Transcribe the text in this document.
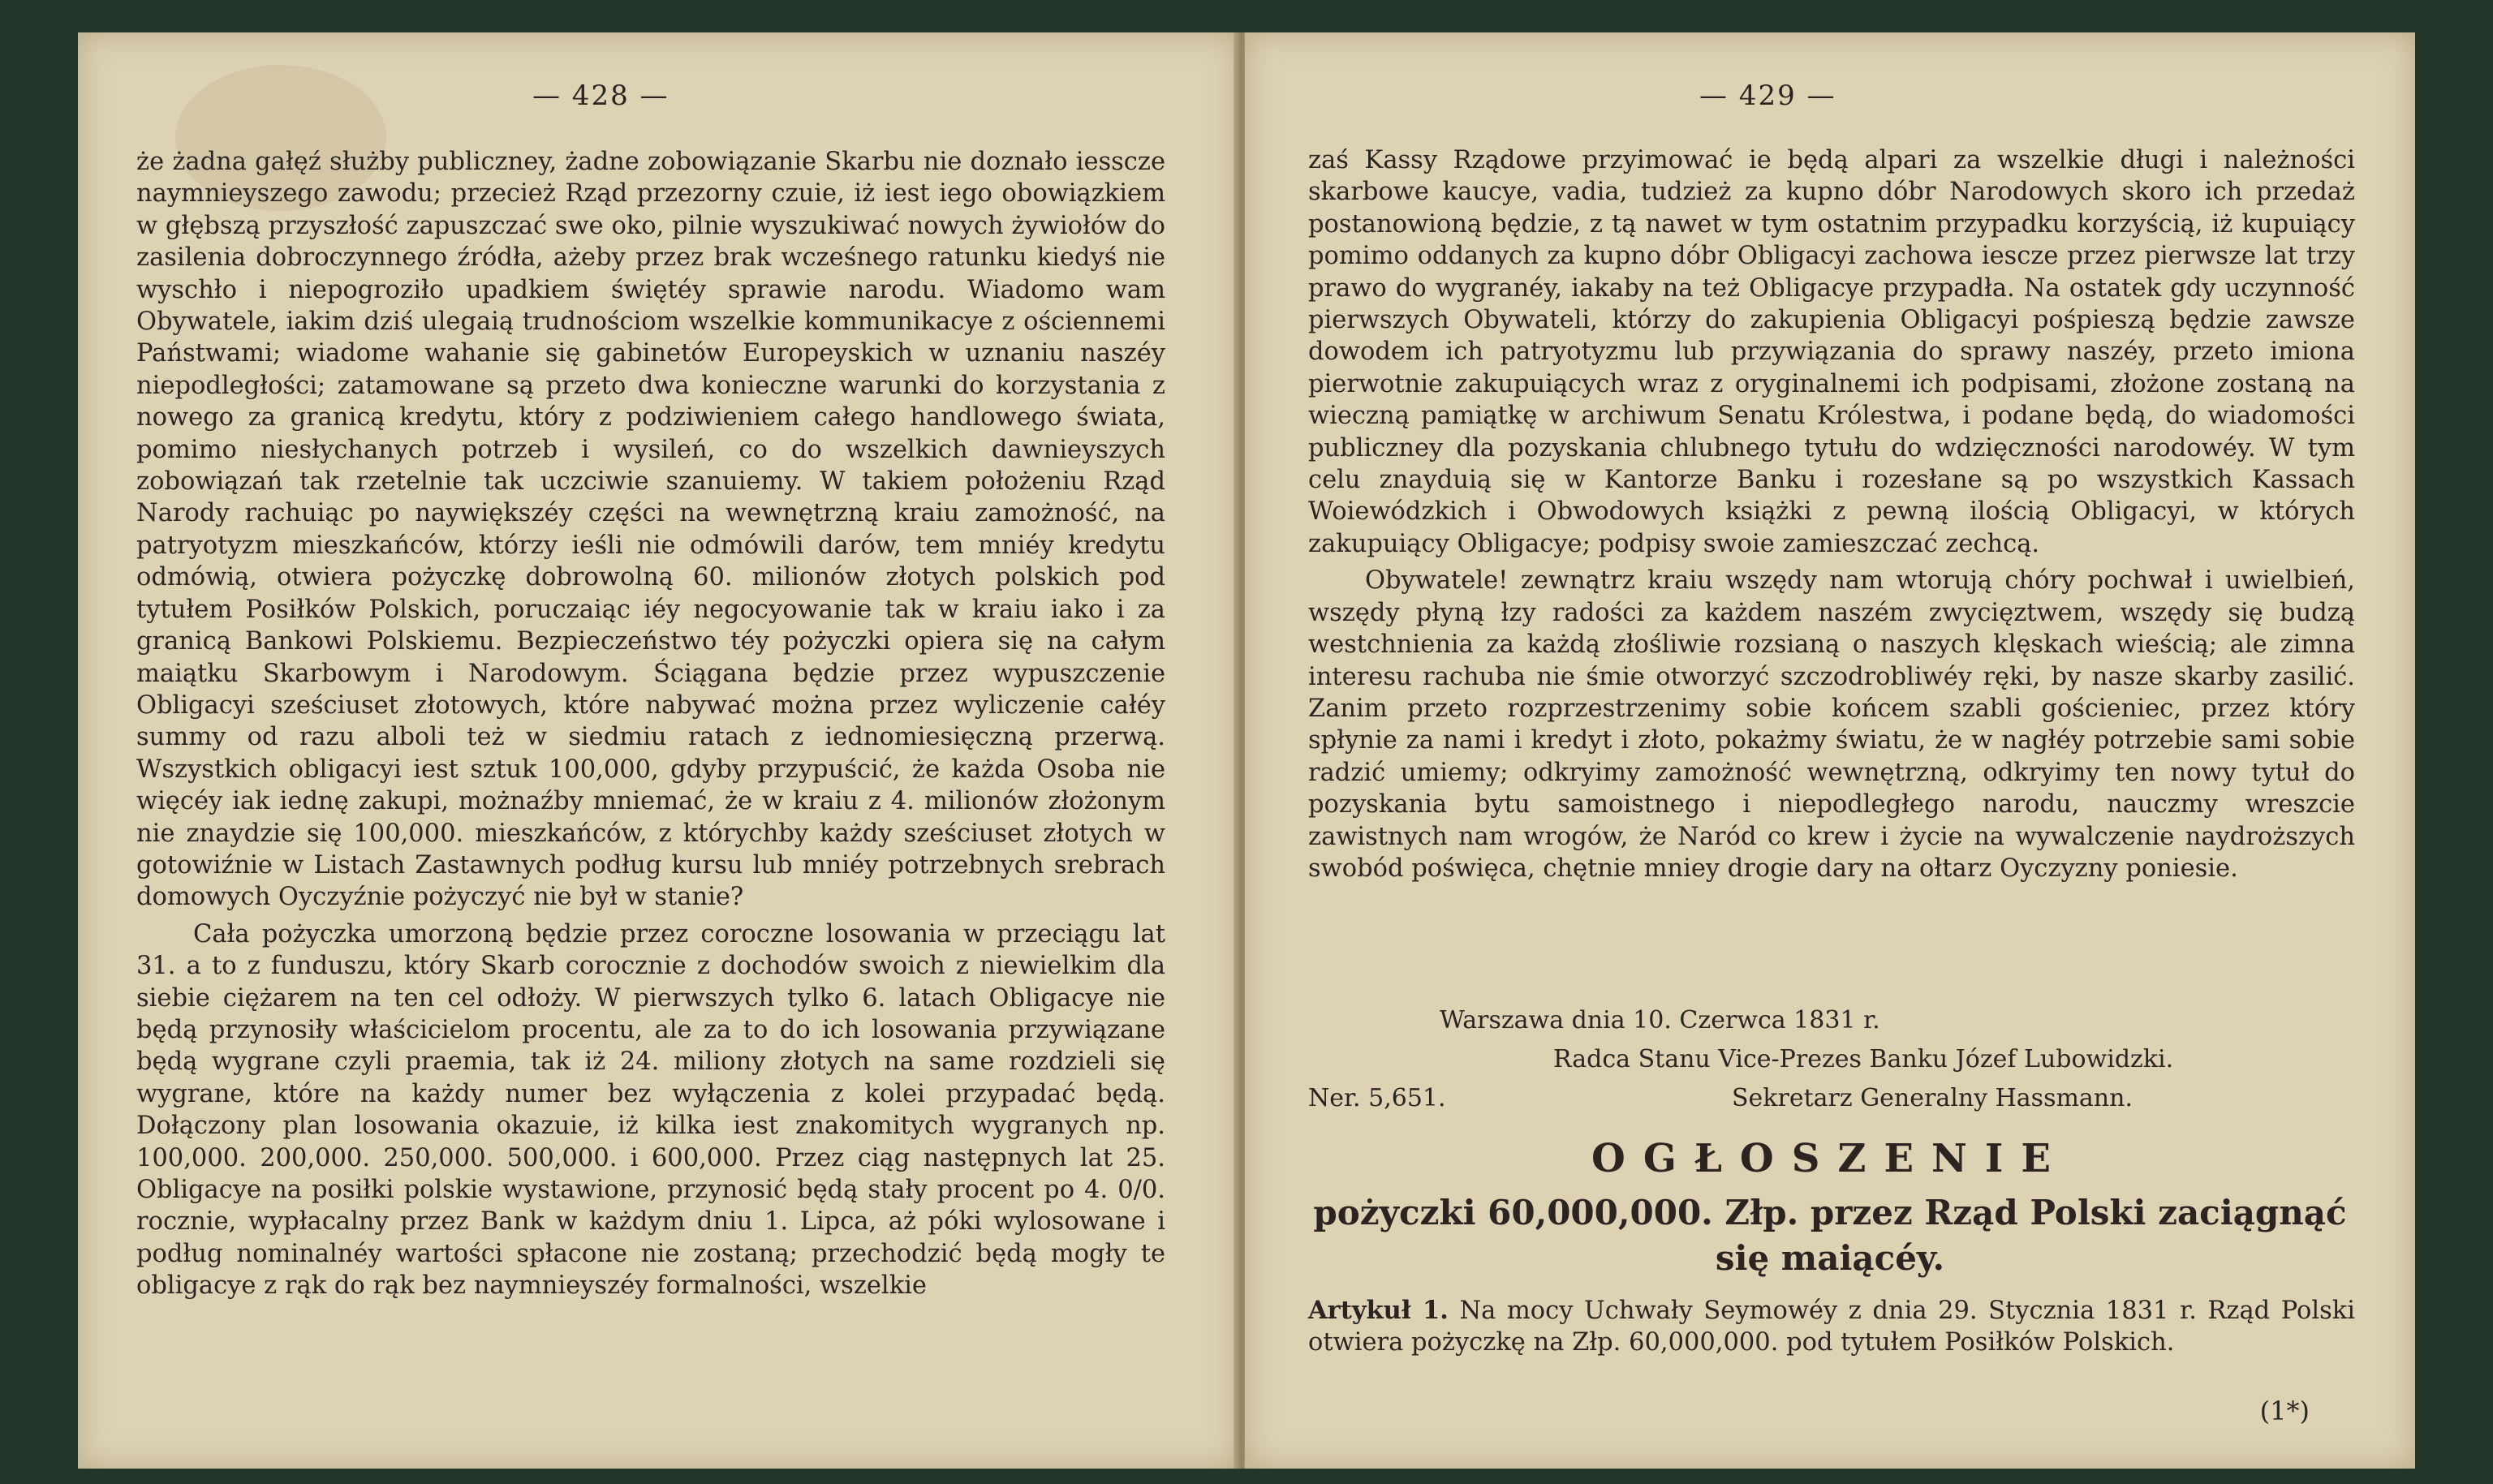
— 428 —

że żadna gałęź służby publiczney, żadne zobowiązanie Skarbu nie doznało iesscze naymnieyszego zawodu; przecież Rząd przezorny czuie, iż iest iego obowiązkiem w głębszą przyszłość zapuszczać swe oko, pilnie wyszukiwać nowych żywiołów do zasilenia dobroczynnego źródła, ażeby przez brak wcześnego ratunku kiedyś nie wyschło i niepogroziło upadkiem świętéy sprawie narodu. Wiadomo wam Obywatele, iakim dziś ulegaią trudnościom wszelkie kommunikacye z ościennemi Państwami; wiadome wahanie się gabinetów Europeyskich w uznaniu naszéy niepodległości; zatamowane są przeto dwa konieczne warunki do korzystania z nowego za granicą kredytu, który z podziwieniem całego handlowego świata, pomimo niesłychanych potrzeb i wysileń, co do wszelkich dawnieyszych zobowiązań tak rzetelnie tak uczciwie szanuiemy. W takiem położeniu Rząd Narody rachuiąc po naywiększéy części na wewnętrzną kraiu zamożność, na patryotyzm mieszkańców, którzy ieśli nie odmówili darów, tem mniéy kredytu odmówią, otwiera pożyczkę dobrowolną 60. milionów złotych polskich pod tytułem Posiłków Polskich, poruczaiąc iéy negocyowanie tak w kraiu iako i za granicą Bankowi Polskiemu. Bezpieczeństwo téy pożyczki opiera się na całym maiątku Skarbowym i Narodowym. Ściągana będzie przez wypuszczenie Obligacyi sześciuset złotowych, które nabywać można przez wyliczenie całéy summy od razu alboli też w siedmiu ratach z iednomiesięczną przerwą. Wszystkich obligacyi iest sztuk 100,000, gdyby przypuścić, że każda Osoba nie więcéy iak iednę zakupi, możnaźby mniemać, że w kraiu z 4. milionów złożonym nie znaydzie się 100,000. mieszkańców, z którychby każdy sześciuset złotych w gotowiźnie w Listach Zastawnych podług kursu lub mniéy potrzebnych srebrach domowych Oyczyźnie pożyczyć nie był w stanie?

Cała pożyczka umorzoną będzie przez coroczne losowania w przeciągu lat 31. a to z funduszu, który Skarb corocznie z dochodów swoich z niewielkim dla siebie ciężarem na ten cel odłoży. W pierwszych tylko 6. latach Obligacye nie będą przynosiły właścicielom procentu, ale za to do ich losowania przywiązane będą wygrane czyli praemia, tak iż 24. miliony złotych na same rozdzieli się wygrane, które na każdy numer bez wyłączenia z kolei przypadać będą. Dołączony plan losowania okazuie, iż kilka iest znakomitych wygranych np. 100,000. 200,000. 250,000. 500,000. i 600,000. Przez ciąg następnych lat 25. Obligacye na posiłki polskie wystawione, przynosić będą stały procent po 4. 0/0. rocznie, wypłacalny przez Bank w każdym dniu 1. Lipca, aż póki wylosowane i podług nominalnéy wartości spłacone nie zostaną; przechodzić będą mogły te obligacye z rąk do rąk bez naymnieyszéy formalności, wszelkie

— 429 —

zaś Kassy Rządowe przyimować ie będą alpari za wszelkie długi i należności skarbowe kaucye, vadia, tudzież za kupno dóbr Narodowych skoro ich przedaż postanowioną będzie, z tą nawet w tym ostatnim przypadku korzyścią, iż kupuiący pomimo oddanych za kupno dóbr Obligacyi zachowa iescze przez pierwsze lat trzy prawo do wygranéy, iakaby na też Obligacye przypadła. Na ostatek gdy uczynność pierwszych Obywateli, którzy do zakupienia Obligacyi pośpieszą będzie zawsze dowodem ich patryotyzmu lub przywiązania do sprawy naszéy, przeto imiona pierwotnie zakupuiących wraz z oryginalnemi ich podpisami, złożone zostaną na wieczną pamiątkę w archiwum Senatu Królestwa, i podane będą, do wiadomości publiczney dla pozyskania chlubnego tytułu do wdzięczności narodowéy. W tym celu znayduią się w Kantorze Banku i rozesłane są po wszystkich Kassach Woiewódzkich i Obwodowych książki z pewną ilością Obligacyi, w których zakupuiący Obligacye; podpisy swoie zamieszczać zechcą.

Obywatele! zewnątrz kraiu wszędy nam wtorują chóry pochwał i uwielbień, wszędy płyną łzy radości za każdem naszém zwycięztwem, wszędy się budzą westchnienia za każdą złośliwie rozsianą o naszych klęskach wieścią; ale zimna interesu rachuba nie śmie otworzyć szczodrobliwéy ręki, by nasze skarby zasilić. Zanim przeto rozprzestrzenimy sobie końcem szabli gościeniec, przez który spłynie za nami i kredyt i złoto, pokażmy światu, że w nagłéy potrzebie sami sobie radzić umiemy; odkryimy zamożność wewnętrzną, odkryimy ten nowy tytuł do pozyskania bytu samoistnego i niepodległego narodu, nauczmy wreszcie zawistnych nam wrogów, że Naród co krew i życie na wywalczenie naydroższych swobód poświęca, chętnie mniey drogie dary na ołtarz Oyczyzny poniesie.

Warszawa dnia 10. Czerwca 1831 r.
Radca Stanu Vice-Prezes Banku Józef Lubowidzki.
Ner. 5,651.	Sekretarz Generalny Hassmann.
OGŁOSZENIE
pożyczki 60,000,000. Złp. przez Rząd Polski zaciągnąć
się maiącéy.
Artykuł 1. Na mocy Uchwały Seymowéy z dnia 29. Stycznia 1831 r. Rząd Polski otwiera pożyczkę na Złp. 60,000,000. pod tytułem Posiłków Polskich.
(1*)
